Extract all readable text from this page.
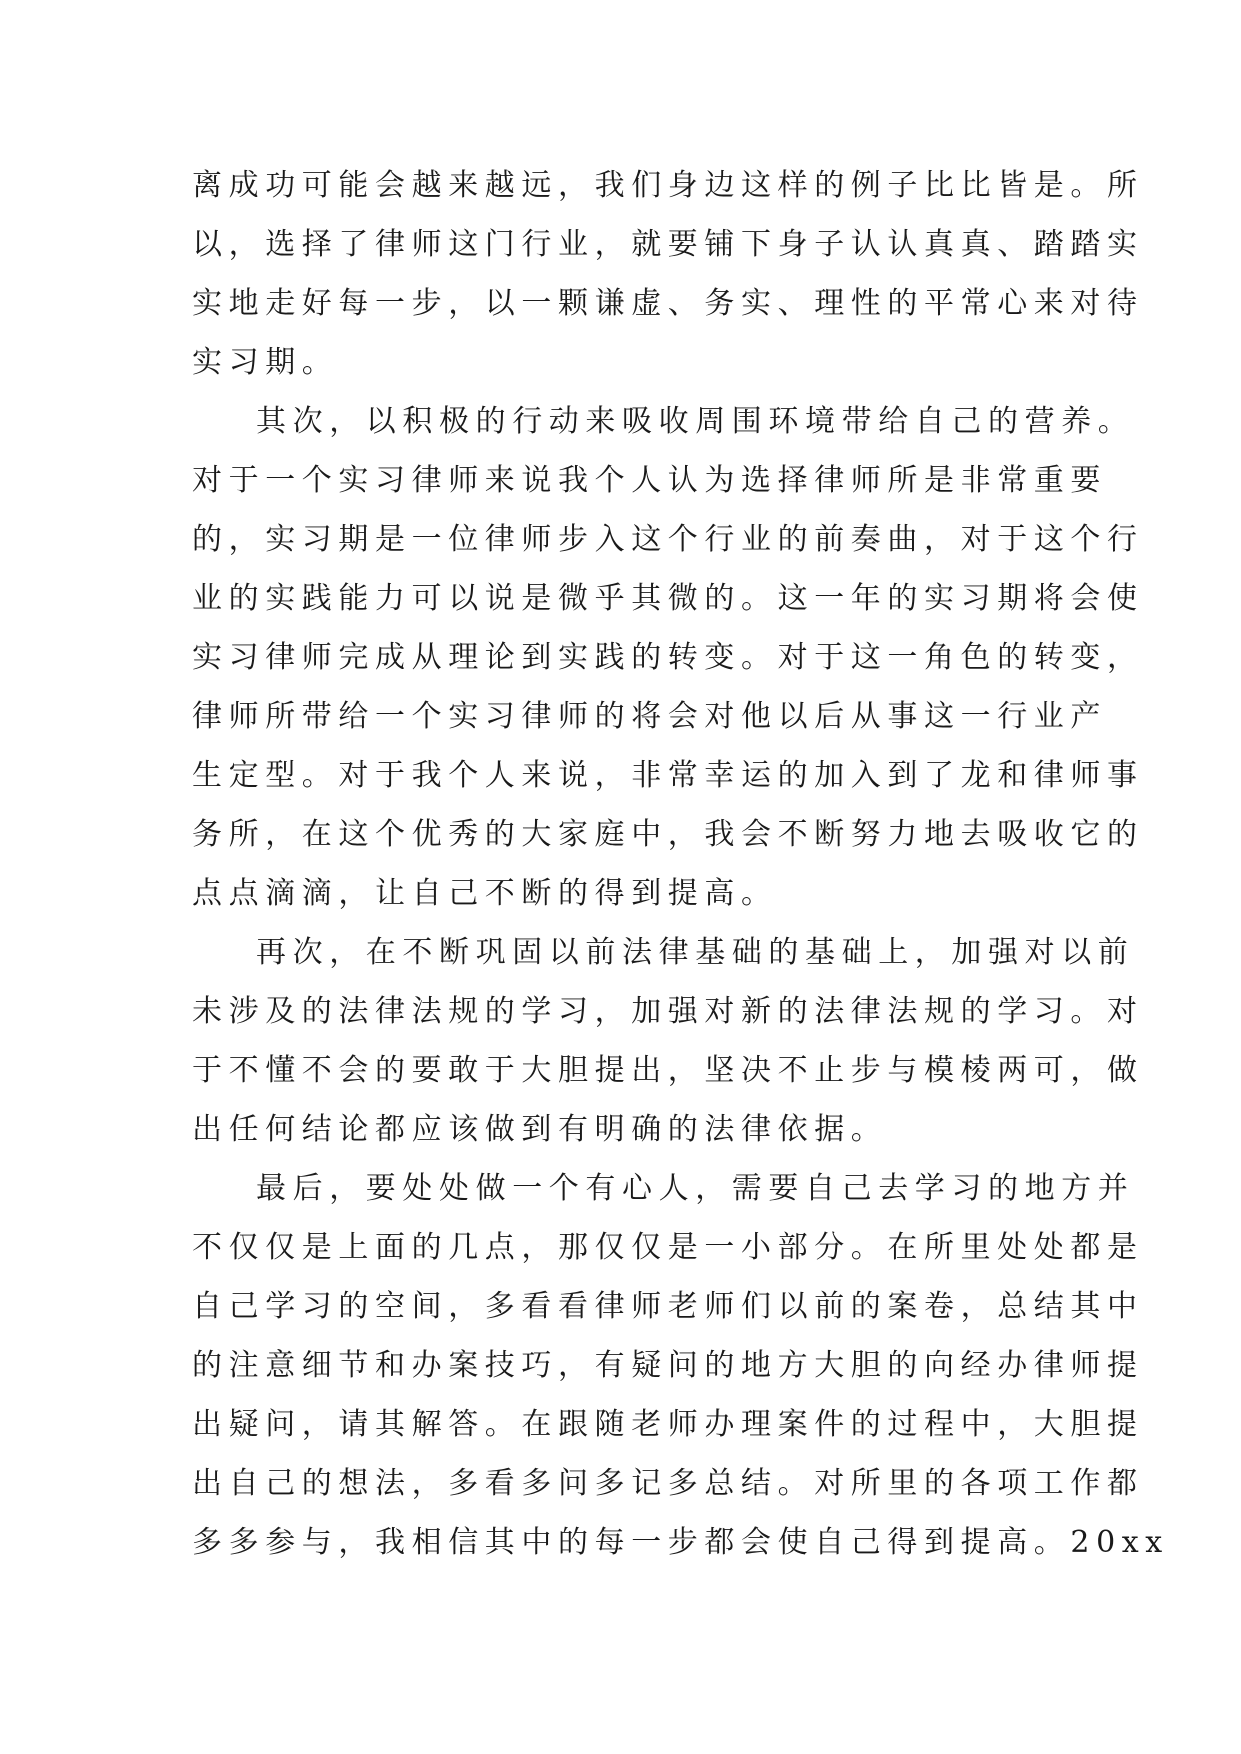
离成功可能会越来越远，我们身边这样的例子比比皆是。所
以，选择了律师这门行业，就要铺下身子认认真真、踏踏实
实地走好每一步，以一颗谦虚、务实、理性的平常心来对待
实习期。
其次，以积极的行动来吸收周围环境带给自己的营养。
对于一个实习律师来说我个人认为选择律师所是非常重要
的，实习期是一位律师步入这个行业的前奏曲，对于这个行
业的实践能力可以说是微乎其微的。这一年的实习期将会使
实习律师完成从理论到实践的转变。对于这一角色的转变，
律师所带给一个实习律师的将会对他以后从事这一行业产
生定型。对于我个人来说，非常幸运的加入到了龙和律师事
务所，在这个优秀的大家庭中，我会不断努力地去吸收它的
点点滴滴，让自己不断的得到提高。
再次，在不断巩固以前法律基础的基础上，加强对以前
未涉及的法律法规的学习，加强对新的法律法规的学习。对
于不懂不会的要敢于大胆提出，坚决不止步与模棱两可，做
出任何结论都应该做到有明确的法律依据。
最后，要处处做一个有心人，需要自己去学习的地方并
不仅仅是上面的几点，那仅仅是一小部分。在所里处处都是
自己学习的空间，多看看律师老师们以前的案卷，总结其中
的注意细节和办案技巧，有疑问的地方大胆的向经办律师提
出疑问，请其解答。在跟随老师办理案件的过程中，大胆提
出自己的想法，多看多问多记多总结。对所里的各项工作都
多多参与，我相信其中的每一步都会使自己得到提高。20xx
